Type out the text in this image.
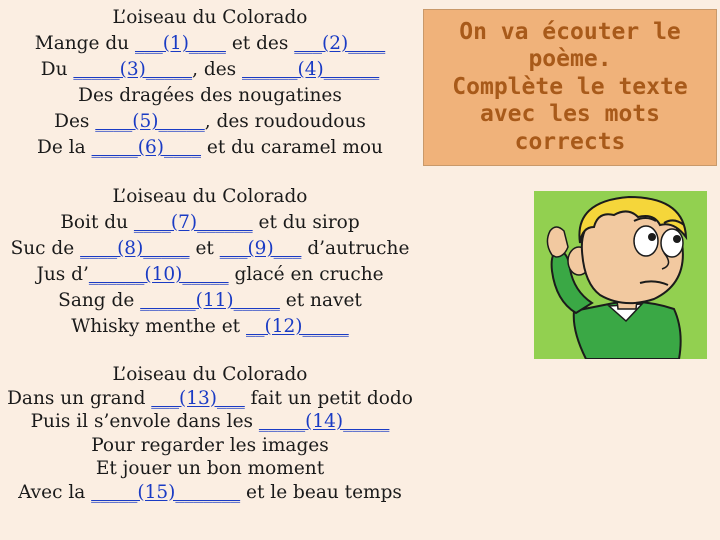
L’oiseau du Colorado
Mange du ___(1)____ et des ___(2)____
Du _____(3)_____, des ______(4)______
Des dragées des nougatines
Des ____(5)_____, des roudoudous
De la _____(6)____ et du caramel mou
L’oiseau du Colorado
Boit du ____(7)______ et du sirop
Suc de ____(8)_____ et ___(9)___ d’autruche
Jus d’______(10)_____ glacé en cruche
Sang de ______(11)_____ et navet
Whisky menthe et __(12)_____
L’oiseau du Colorado
Dans un grand ___(13)___ fait un petit dodo
Puis il s’envole dans les _____(14)_____
Pour regarder les images
Et jouer un bon moment
Avec la _____(15)_______ et le beau temps
On va écouter le
poème.
Complète le texte
avec les mots
corrects
